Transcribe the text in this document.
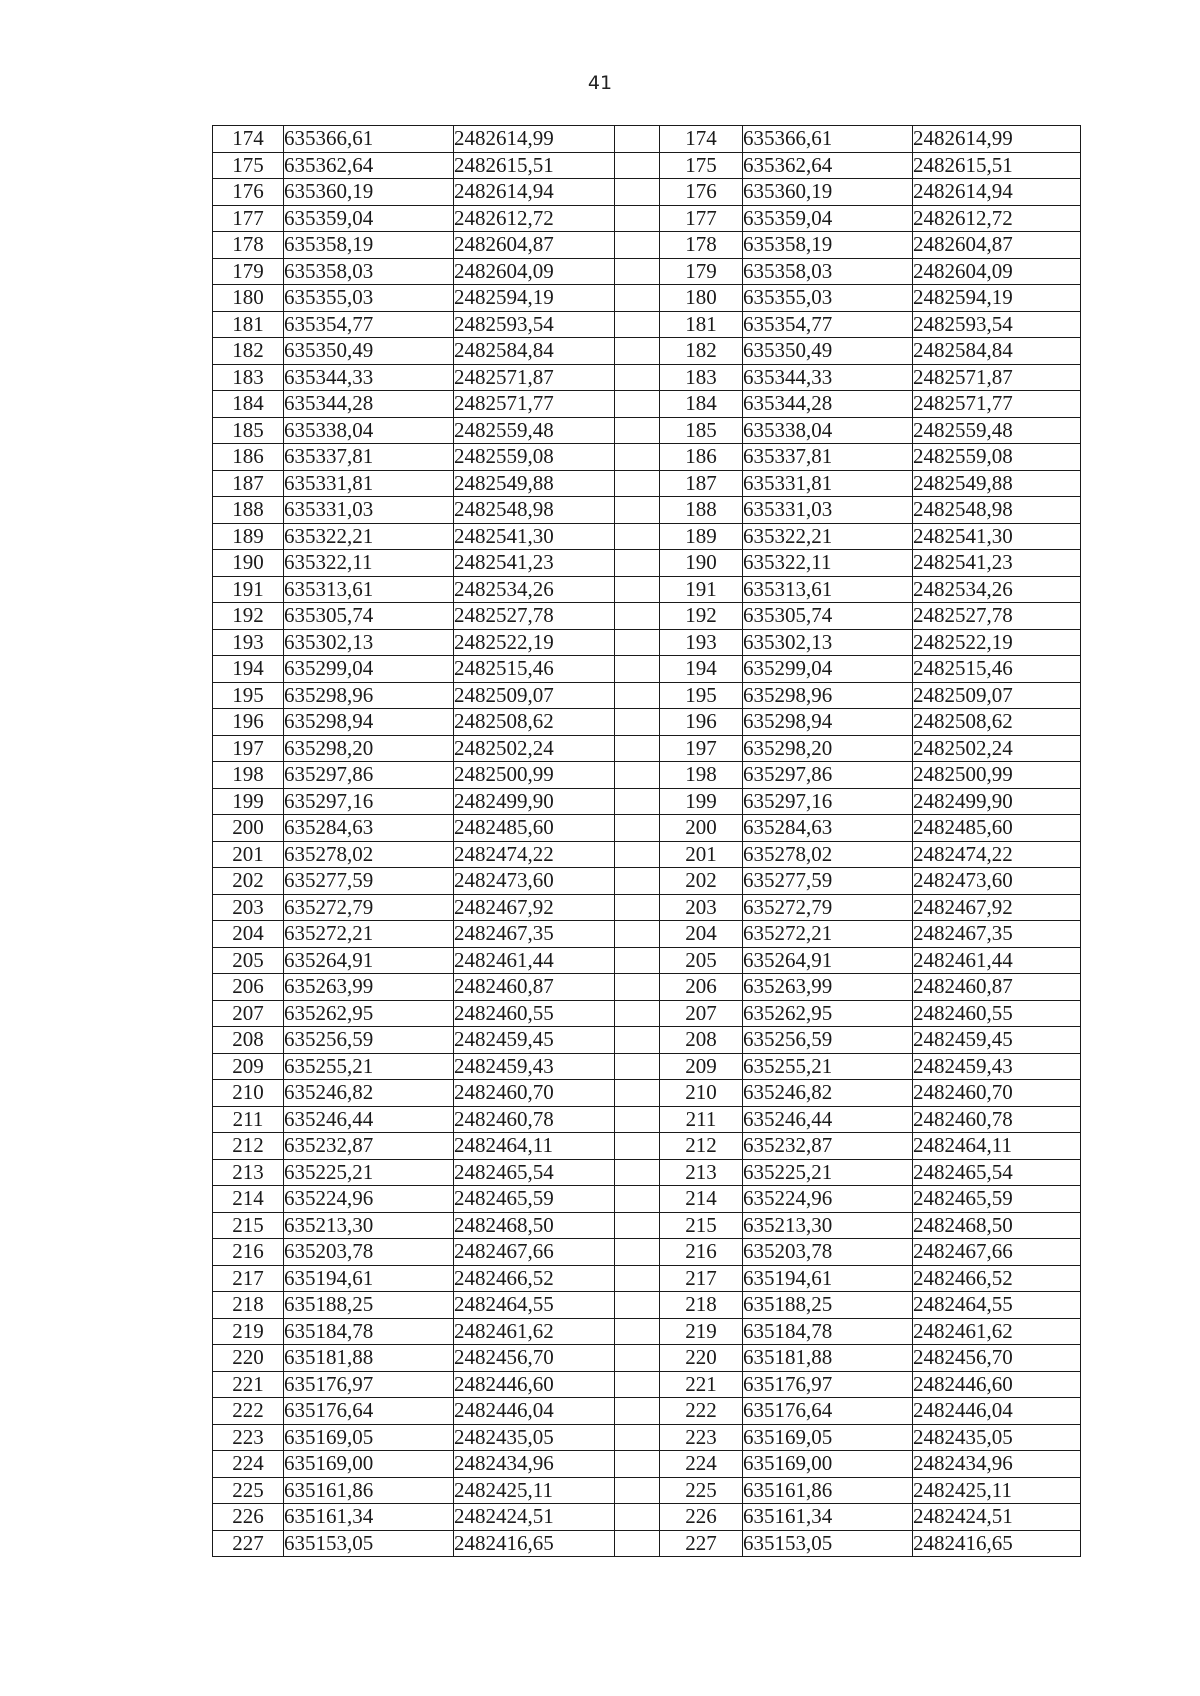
41
174	635366,61	2482614,99		174	635366,61	2482614,99
175	635362,64	2482615,51		175	635362,64	2482615,51
176	635360,19	2482614,94		176	635360,19	2482614,94
177	635359,04	2482612,72		177	635359,04	2482612,72
178	635358,19	2482604,87		178	635358,19	2482604,87
179	635358,03	2482604,09		179	635358,03	2482604,09
180	635355,03	2482594,19		180	635355,03	2482594,19
181	635354,77	2482593,54		181	635354,77	2482593,54
182	635350,49	2482584,84		182	635350,49	2482584,84
183	635344,33	2482571,87		183	635344,33	2482571,87
184	635344,28	2482571,77		184	635344,28	2482571,77
185	635338,04	2482559,48		185	635338,04	2482559,48
186	635337,81	2482559,08		186	635337,81	2482559,08
187	635331,81	2482549,88		187	635331,81	2482549,88
188	635331,03	2482548,98		188	635331,03	2482548,98
189	635322,21	2482541,30		189	635322,21	2482541,30
190	635322,11	2482541,23		190	635322,11	2482541,23
191	635313,61	2482534,26		191	635313,61	2482534,26
192	635305,74	2482527,78		192	635305,74	2482527,78
193	635302,13	2482522,19		193	635302,13	2482522,19
194	635299,04	2482515,46		194	635299,04	2482515,46
195	635298,96	2482509,07		195	635298,96	2482509,07
196	635298,94	2482508,62		196	635298,94	2482508,62
197	635298,20	2482502,24		197	635298,20	2482502,24
198	635297,86	2482500,99		198	635297,86	2482500,99
199	635297,16	2482499,90		199	635297,16	2482499,90
200	635284,63	2482485,60		200	635284,63	2482485,60
201	635278,02	2482474,22		201	635278,02	2482474,22
202	635277,59	2482473,60		202	635277,59	2482473,60
203	635272,79	2482467,92		203	635272,79	2482467,92
204	635272,21	2482467,35		204	635272,21	2482467,35
205	635264,91	2482461,44		205	635264,91	2482461,44
206	635263,99	2482460,87		206	635263,99	2482460,87
207	635262,95	2482460,55		207	635262,95	2482460,55
208	635256,59	2482459,45		208	635256,59	2482459,45
209	635255,21	2482459,43		209	635255,21	2482459,43
210	635246,82	2482460,70		210	635246,82	2482460,70
211	635246,44	2482460,78		211	635246,44	2482460,78
212	635232,87	2482464,11		212	635232,87	2482464,11
213	635225,21	2482465,54		213	635225,21	2482465,54
214	635224,96	2482465,59		214	635224,96	2482465,59
215	635213,30	2482468,50		215	635213,30	2482468,50
216	635203,78	2482467,66		216	635203,78	2482467,66
217	635194,61	2482466,52		217	635194,61	2482466,52
218	635188,25	2482464,55		218	635188,25	2482464,55
219	635184,78	2482461,62		219	635184,78	2482461,62
220	635181,88	2482456,70		220	635181,88	2482456,70
221	635176,97	2482446,60		221	635176,97	2482446,60
222	635176,64	2482446,04		222	635176,64	2482446,04
223	635169,05	2482435,05		223	635169,05	2482435,05
224	635169,00	2482434,96		224	635169,00	2482434,96
225	635161,86	2482425,11		225	635161,86	2482425,11
226	635161,34	2482424,51		226	635161,34	2482424,51
227	635153,05	2482416,65		227	635153,05	2482416,65
